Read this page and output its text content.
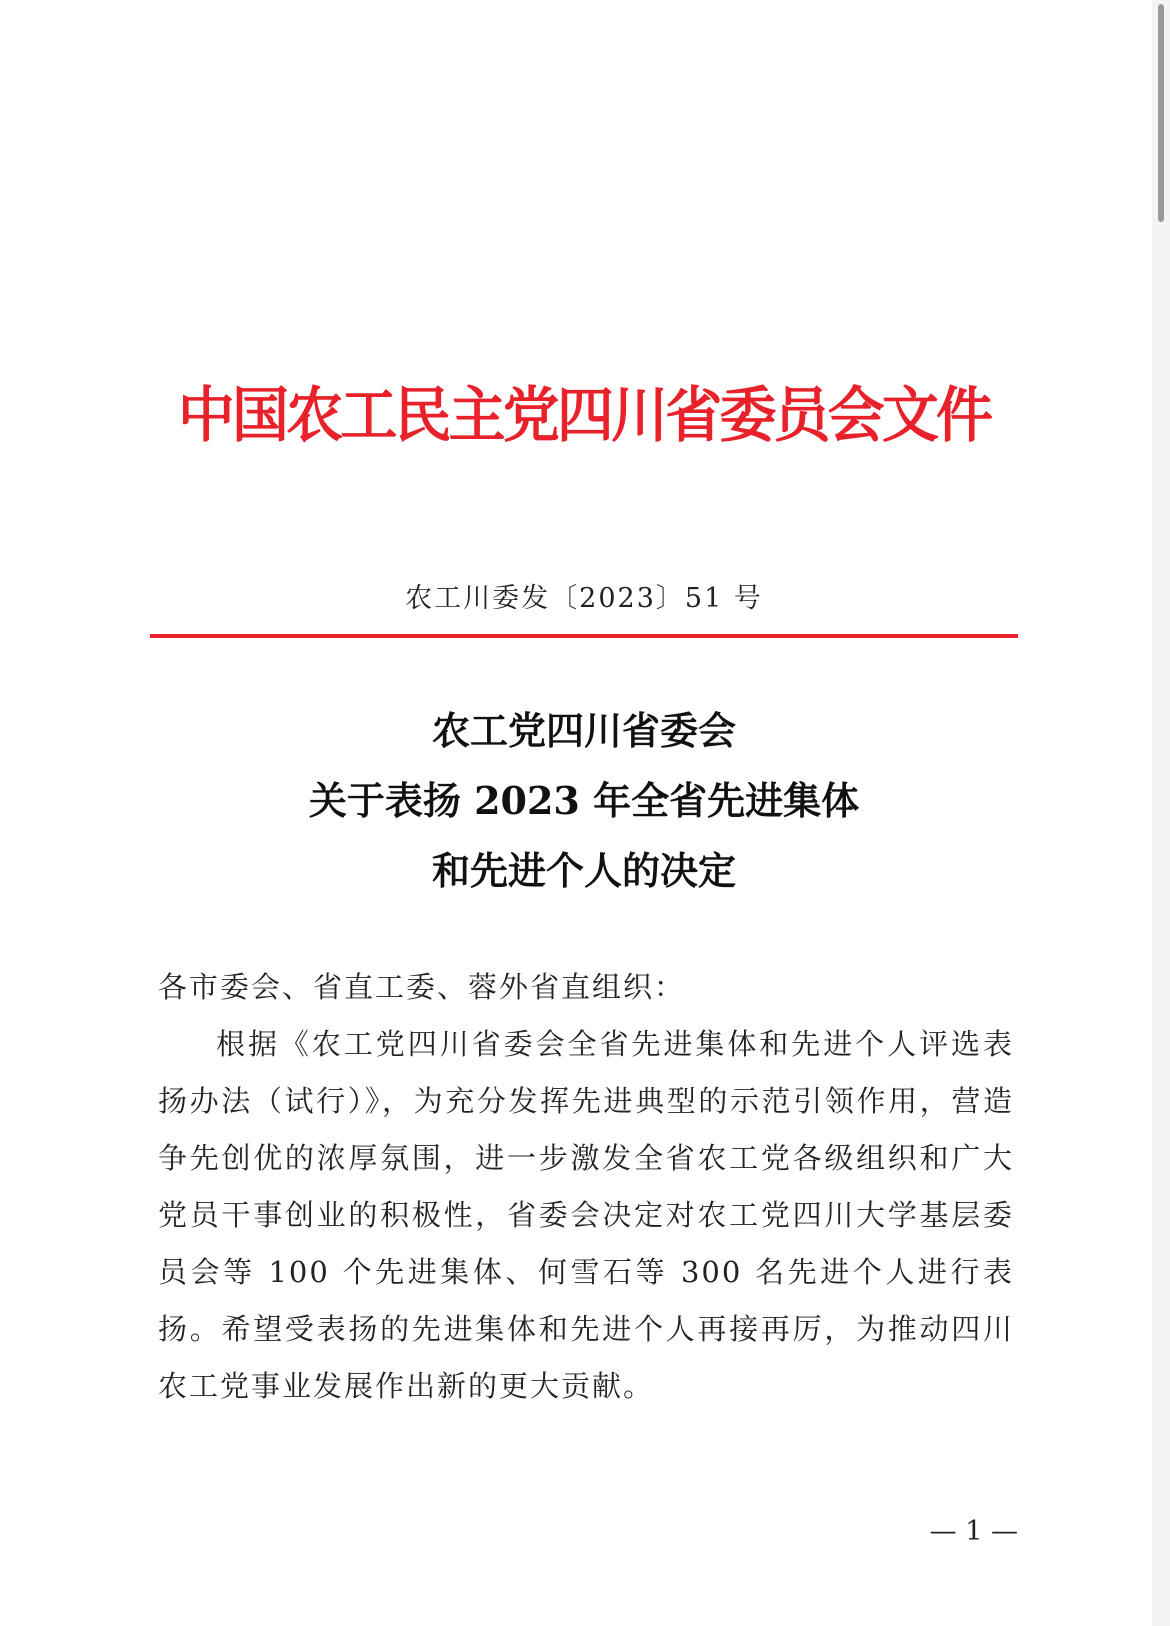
中国农工民主党四川省委员会文件
农工川委发〔2023〕51 号
农工党四川省委会
关于表扬 2023 年全省先进集体
和先进个人的决定
各市委会、省直工委、蓉外省直组织：
根据《农工党四川省委会全省先进集体和先进个人评选表扬办法（试行）》，为充分发挥先进典型的示范引领作用，营造争先创优的浓厚氛围，进一步激发全省农工党各级组织和广大党员干事创业的积极性，省委会决定对农工党四川大学基层委员会等 100 个先进集体、何雪石等 300 名先进个人进行表扬。希望受表扬的先进集体和先进个人再接再厉，为推动四川农工党事业发展作出新的更大贡献。
— 1 —
